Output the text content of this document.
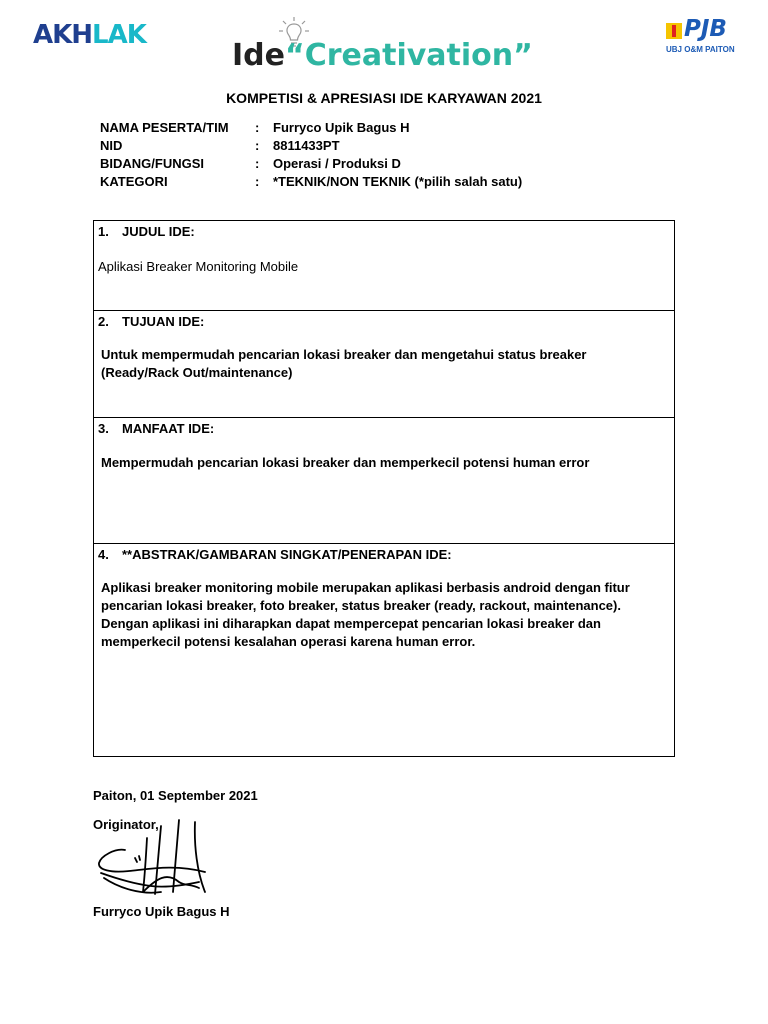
AKHLAK
Ide“Creativation”
PJB
UBJ O&M PAITON
KOMPETISI & APRESIASI IDE KARYAWAN 2021
NAMA PESERTA/TIM : Furryco Upik Bagus H
NID	: 8811433PT
BIDANG/FUNGSI	: Operasi / Produksi D
KATEGORI	: *TEKNIK/NON TEKNIK (*pilih salah satu)
1. JUDUL IDE:
Aplikasi Breaker Monitoring Mobile
2. TUJUAN IDE:
Untuk mempermudah pencarian lokasi breaker dan mengetahui status breaker
(Ready/Rack Out/maintenance)
3. MANFAAT IDE:
Mempermudah pencarian lokasi breaker dan memperkecil potensi human error
4. **ABSTRAK/GAMBARAN SINGKAT/PENERAPAN IDE:
Aplikasi breaker monitoring mobile merupakan aplikasi berbasis android dengan fitur
pencarian lokasi breaker, foto breaker, status breaker (ready, rackout, maintenance).
Dengan aplikasi ini diharapkan dapat mempercepat pencarian lokasi breaker dan
memperkecil potensi kesalahan operasi karena human error.
Paiton, 01 September 2021
Originator,
Furryco Upik Bagus H
